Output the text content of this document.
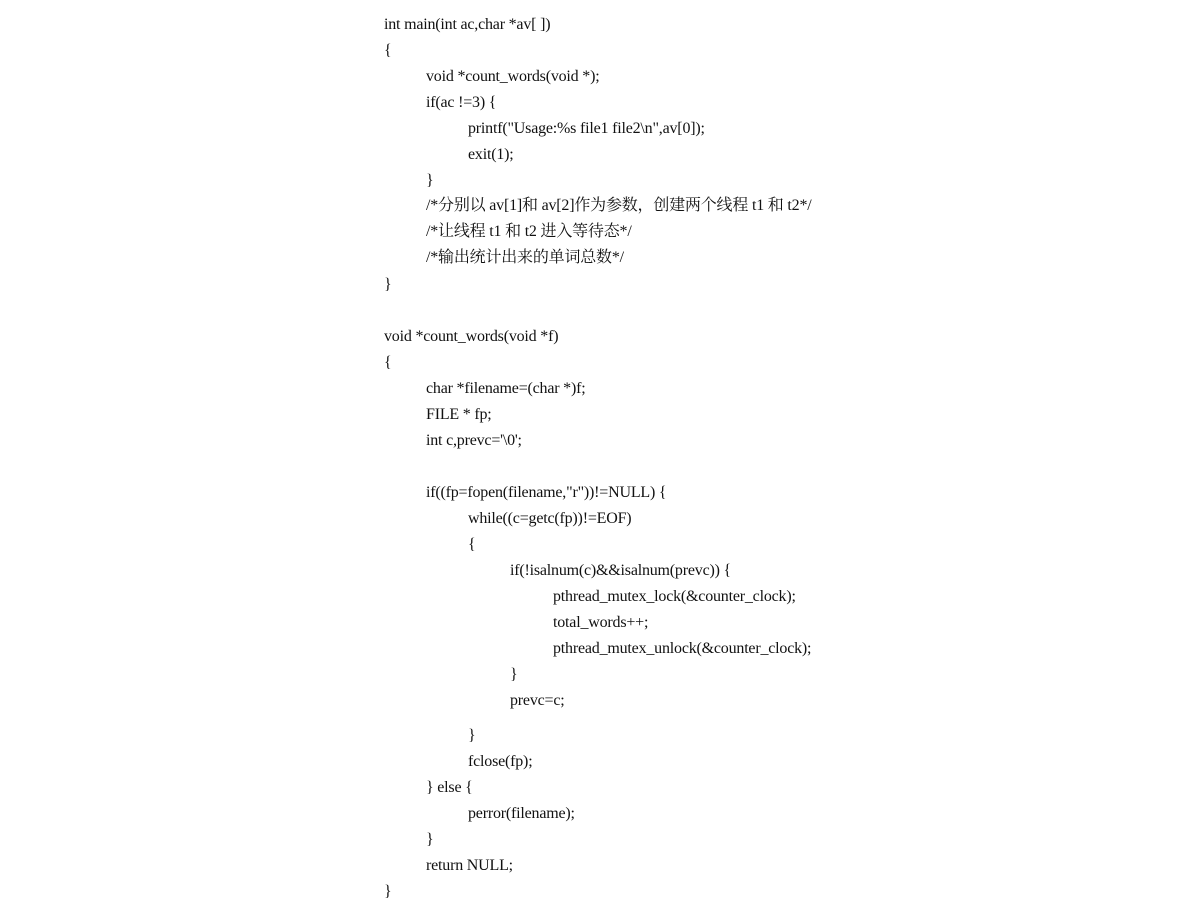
int main(int ac,char *av[ ])
{
void *count_words(void *);
if(ac !=3) {
printf("Usage:%s file1 file2\n",av[0]);
exit(1);
}
/*分别以 av[1]和 av[2]作为参数，创建两个线程 t1 和 t2*/
/*让线程 t1 和 t2 进入等待态*/
/*输出统计出来的单词总数*/
}
void *count_words(void *f)
{
char *filename=(char *)f;
FILE * fp;
int c,prevc='\0';
if((fp=fopen(filename,"r"))!=NULL) {
while((c=getc(fp))!=EOF)
{
if(!isalnum(c)&&isalnum(prevc)) {
pthread_mutex_lock(&counter_clock);
total_words++;
pthread_mutex_unlock(&counter_clock);
}
prevc=c;
}
fclose(fp);
} else {
perror(filename);
}
return NULL;
}
